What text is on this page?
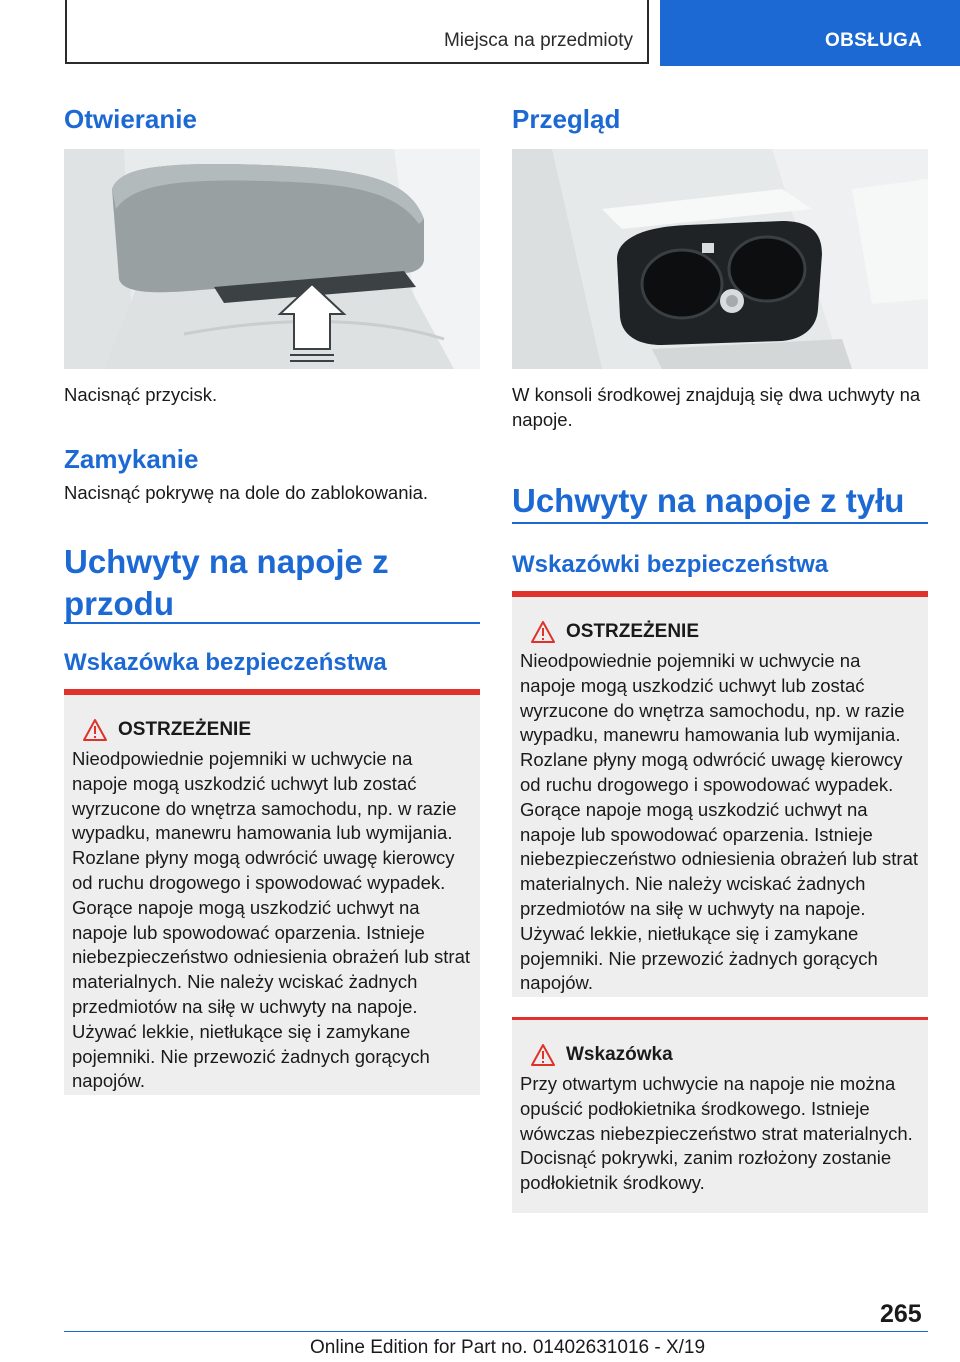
Miejsca na przedmioty	OBSŁUGA
Otwieranie

Nacisnąć przycisk.

Zamykanie

Nacisnąć pokrywę na dole do zablokowania.

Uchwyty na napoje z przodu
Wskazówka bezpieczeństwa
OSTRZEŻENIE

Nieodpowiednie pojemniki w uchwycie na napoje mogą uszkodzić uchwyt lub zostać wyrzucone do wnętrza samochodu, np. w razie wypadku, manewru hamowania lub wymijania. Rozlane płyny mogą odwrócić uwagę kierowcy od ruchu drogowego i spowodować wypadek. Gorące napoje mogą uszkodzić uchwyt na napoje lub spowodować oparzenia. Istnieje niebezpieczeństwo odniesienia obrażeń lub strat materialnych. Nie należy wciskać żadnych przedmiotów na siłę w uchwyty na napoje. Używać lekkie, nietłukące się i zamykane pojemniki. Nie przewozić żadnych gorących napojów.

Przegląd

W konsoli środkowej znajdują się dwa uchwyty na napoje.

Uchwyty na napoje z tyłu
Wskazówki bezpieczeństwa
OSTRZEŻENIE

Nieodpowiednie pojemniki w uchwycie na napoje mogą uszkodzić uchwyt lub zostać wyrzucone do wnętrza samochodu, np. w razie wypadku, manewru hamowania lub wymijania. Rozlane płyny mogą odwrócić uwagę kierowcy od ruchu drogowego i spowodować wypadek. Gorące napoje mogą uszkodzić uchwyt na napoje lub spowodować oparzenia. Istnieje niebezpieczeństwo odniesienia obrażeń lub strat materialnych. Nie należy wciskać żadnych przedmiotów na siłę w uchwyty na napoje. Używać lekkie, nietłukące się i zamykane pojemniki. Nie przewozić żadnych gorących napojów.

Wskazówka

Przy otwartym uchwycie na napoje nie można opuścić podłokietnika środkowego. Istnieje wówczas niebezpieczeństwo strat materialnych. Docisnąć pokrywki, zanim rozłożony zostanie podłokietnik środkowy.

265
Online Edition for Part no. 01402631016 - X/19
